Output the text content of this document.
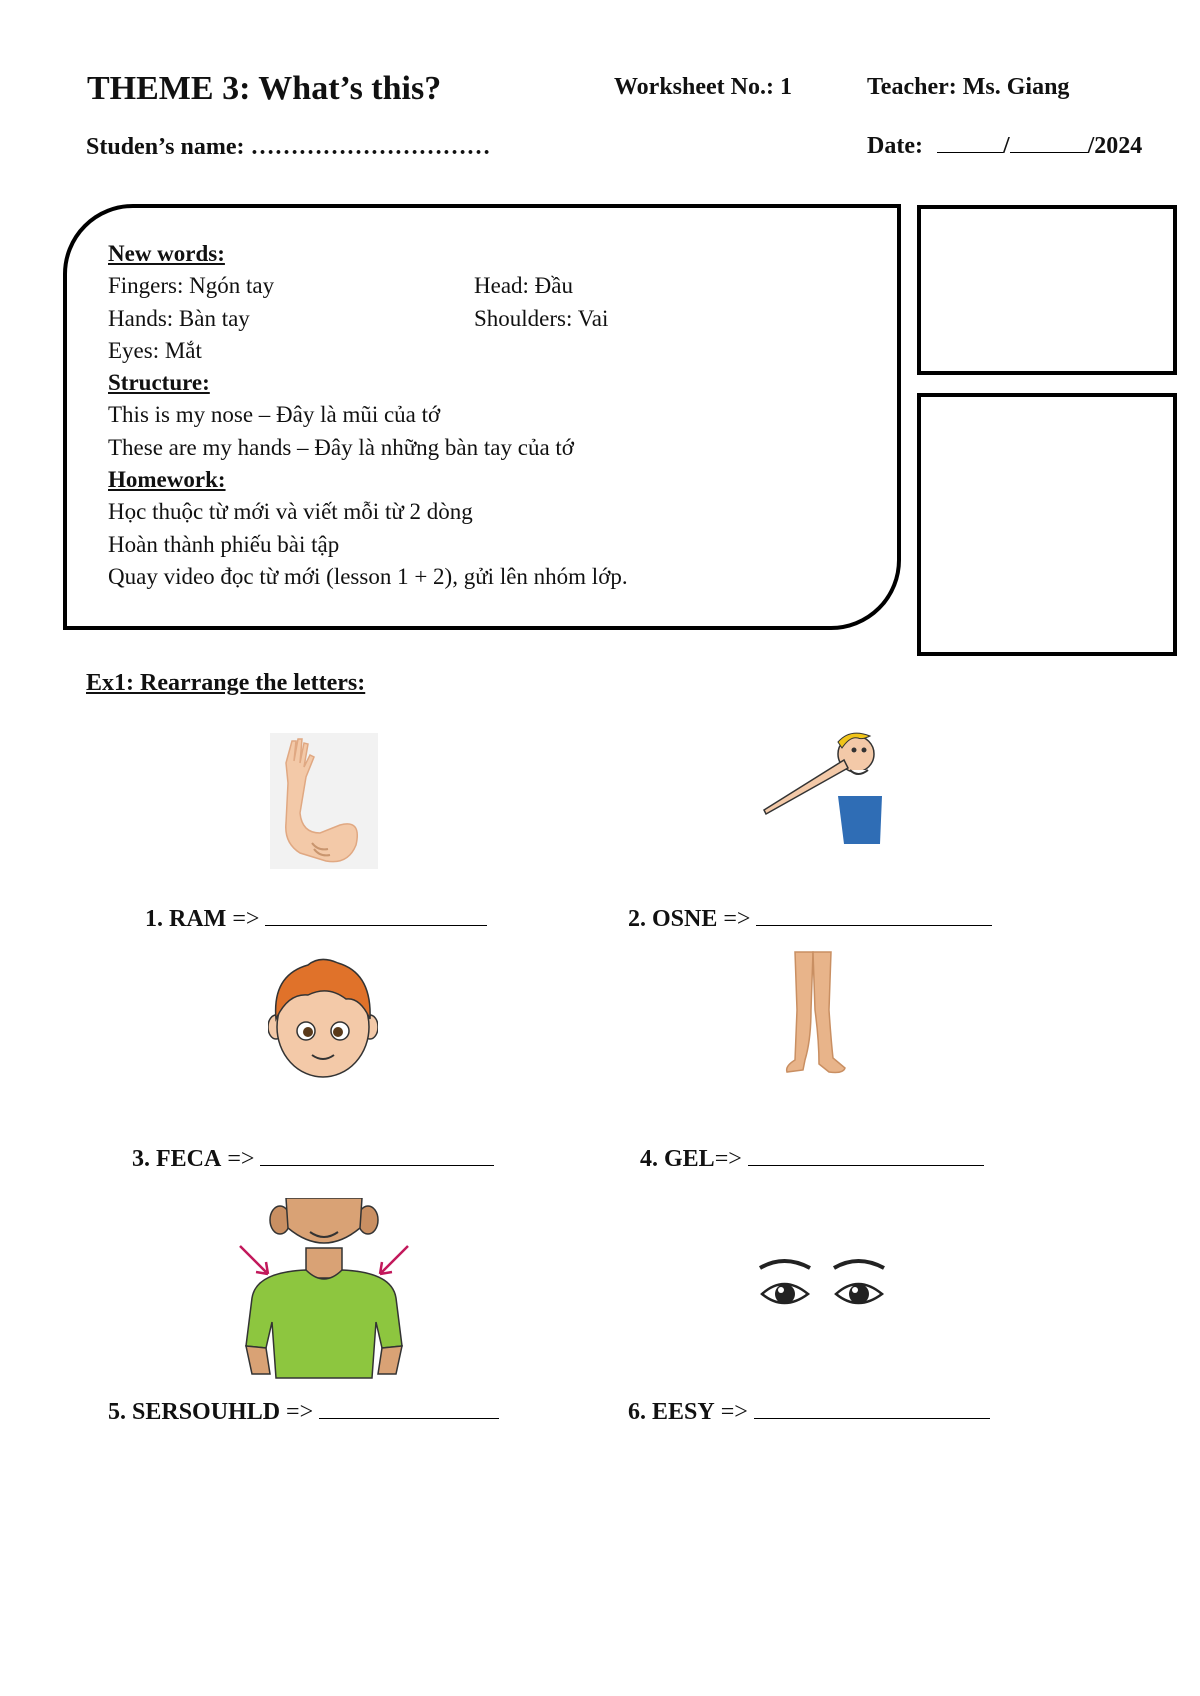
THEME 3: What’s this?	Worksheet No.: 1	Teacher: Ms. Giang
Studen’s name: …………………………	Date:	/	/2024
New words:
Fingers: Ngón tay	Head: Đầu
Hands: Bàn tay	Shoulders: Vai
Eyes: Mắt
Structure:
This is my nose – Đây là mũi của tớ
These are my hands – Đây là những bàn tay của tớ
Homework:
Học thuộc từ mới và viết mỗi từ 2 dòng
Hoàn thành phiếu bài tập
Quay video đọc từ mới (lesson 1 + 2), gửi lên nhóm lớp.
Ex1: Rearrange the letters:
1. RAM =>	2. OSNE =>
3. FECA =>	4. GEL=>
5. SERSOUHLD =>	6. EESY =>
